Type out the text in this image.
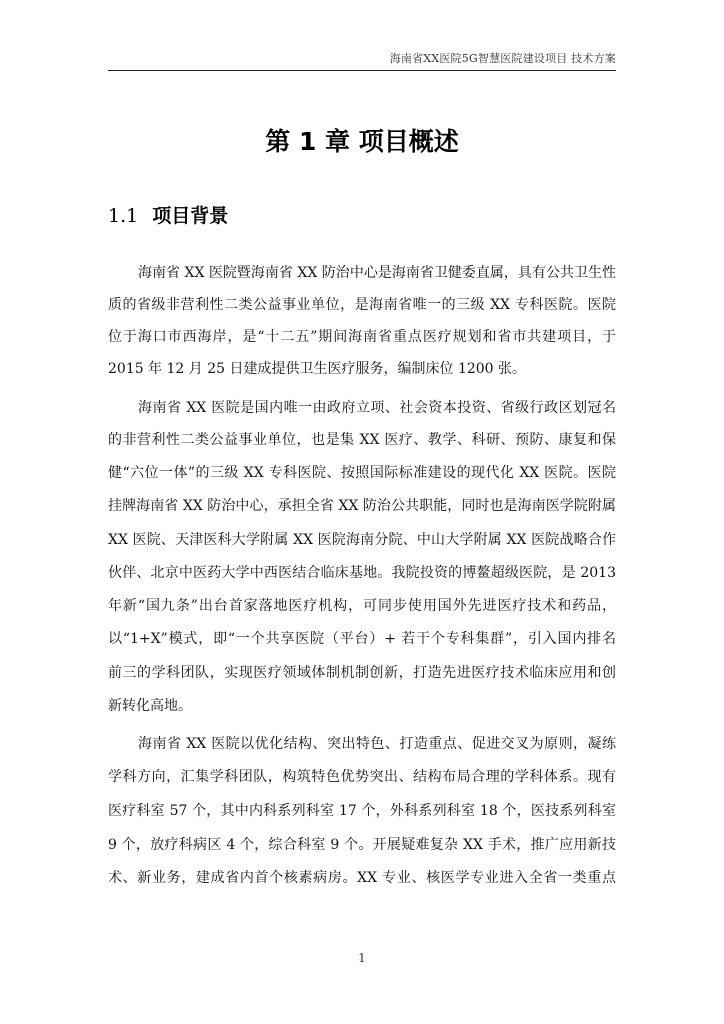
海南省XX医院5G智慧医院建设项目 技术方案
第 1 章 项目概述
1.1 项目背景
海南省 XX 医院暨海南省 XX 防治中心是海南省卫健委直属，具有公共卫生性
质的省级非营利性二类公益事业单位，是海南省唯一的三级 XX 专科医院。医院
位于海口市西海岸，是“十二五”期间海南省重点医疗规划和省市共建项目，于
2015 年 12 月 25 日建成提供卫生医疗服务，编制床位 1200 张。
海南省 XX 医院是国内唯一由政府立项、社会资本投资、省级行政区划冠名
的非营利性二类公益事业单位，也是集 XX 医疗、教学、科研、预防、康复和保
健“六位一体”的三级 XX 专科医院、按照国际标准建设的现代化 XX 医院。医院
挂牌海南省 XX 防治中心，承担全省 XX 防治公共职能，同时也是海南医学院附属
XX 医院、天津医科大学附属 XX 医院海南分院、中山大学附属 XX 医院战略合作
伙伴、北京中医药大学中西医结合临床基地。我院投资的博鳌超级医院，是 2013
年新“国九条”出台首家落地医疗机构，可同步使用国外先进医疗技术和药品，
以“1+X”模式，即“一个共享医院（平台）+ 若干个专科集群”，引入国内排名
前三的学科团队，实现医疗领域体制机制创新，打造先进医疗技术临床应用和创
新转化高地。
海南省 XX 医院以优化结构、突出特色、打造重点、促进交叉为原则，凝练
学科方向，汇集学科团队，构筑特色优势突出、结构布局合理的学科体系。现有
医疗科室 57 个，其中内科系列科室 17 个，外科系列科室 18 个，医技系列科室
9 个，放疗科病区 4 个，综合科室 9 个。开展疑难复杂 XX 手术，推广应用新技
术、新业务，建成省内首个核素病房。XX 专业、核医学专业进入全省一类重点
1
